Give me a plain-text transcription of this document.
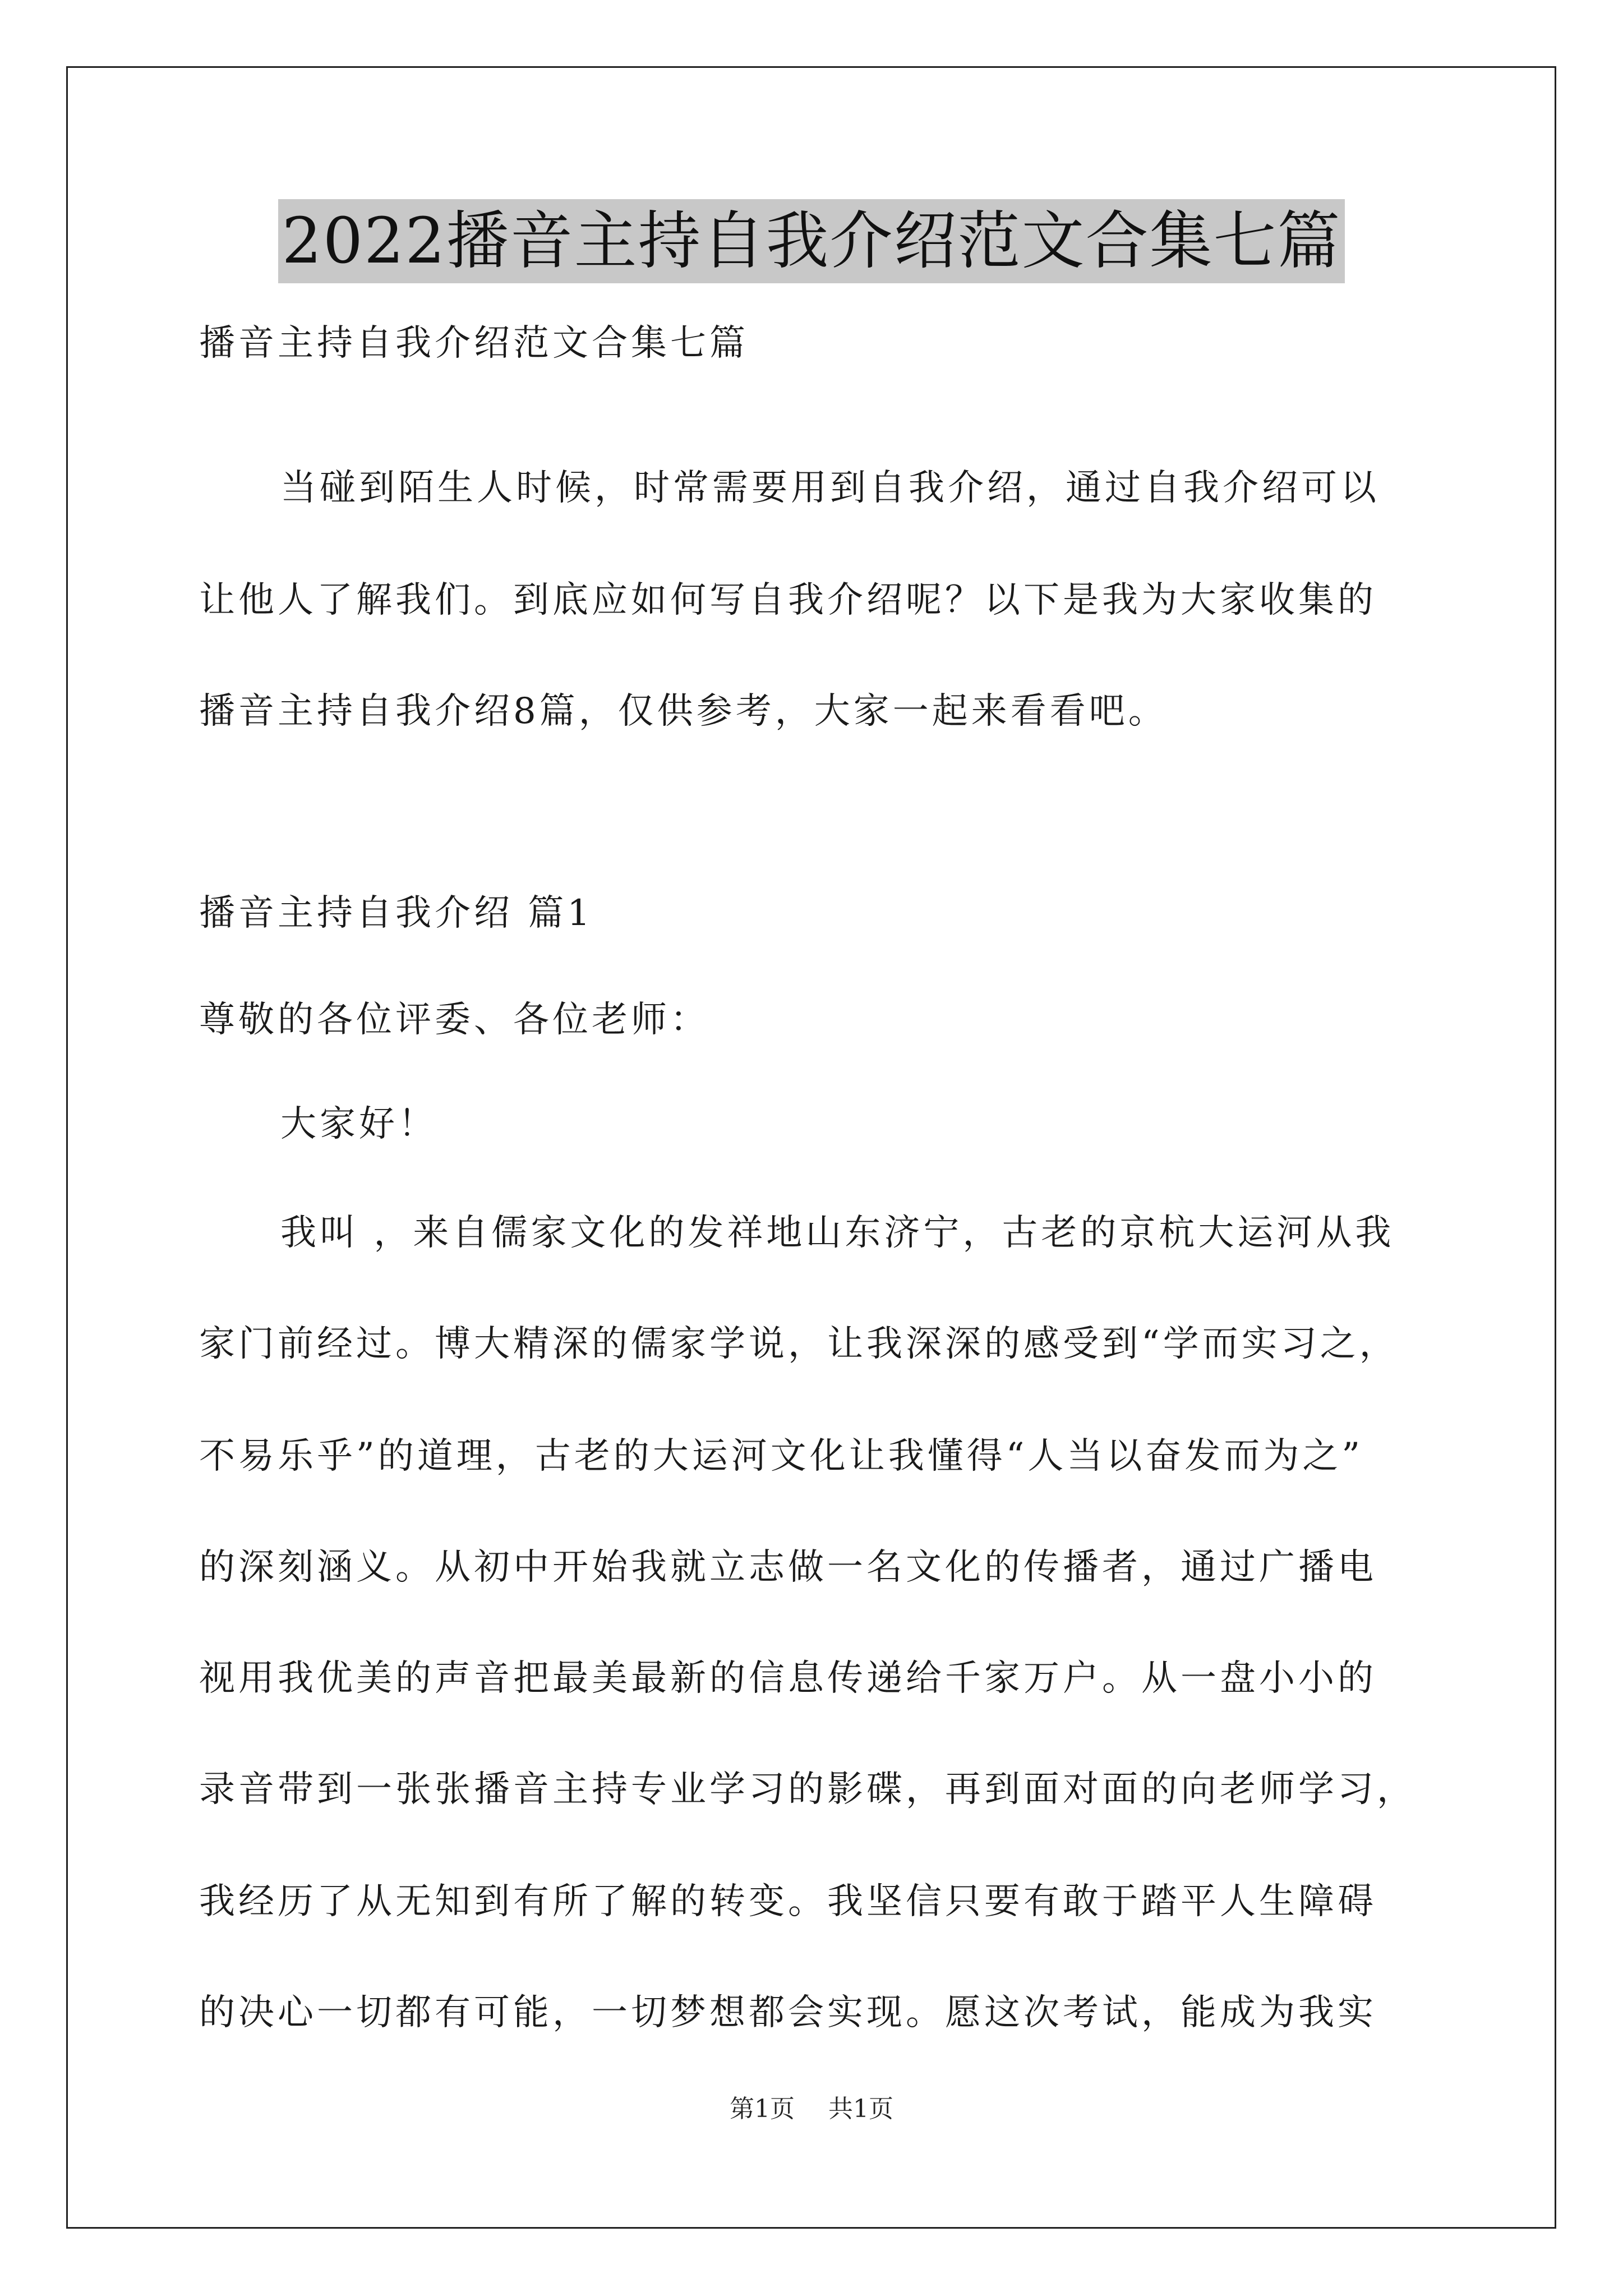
2022播音主持自我介绍范文合集七篇
播音主持自我介绍范文合集七篇
当碰到陌生人时候，时常需要用到自我介绍，通过自我介绍可以
让他人了解我们。到底应如何写自我介绍呢？以下是我为大家收集的
播音主持自我介绍8篇，仅供参考，大家一起来看看吧。
播音主持自我介绍 篇1
尊敬的各位评委、各位老师：
大家好！
我叫 ，来自儒家文化的发祥地山东济宁，古老的京杭大运河从我
家门前经过。博大精深的儒家学说，让我深深的感受到“学而实习之，
不易乐乎”的道理，古老的大运河文化让我懂得“人当以奋发而为之”
的深刻涵义。从初中开始我就立志做一名文化的传播者，通过广播电
视用我优美的声音把最美最新的信息传递给千家万户。从一盘小小的
录音带到一张张播音主持专业学习的影碟，再到面对面的向老师学习，
我经历了从无知到有所了解的转变。我坚信只要有敢于踏平人生障碍
的决心一切都有可能，一切梦想都会实现。愿这次考试，能成为我实
第1页 共1页
